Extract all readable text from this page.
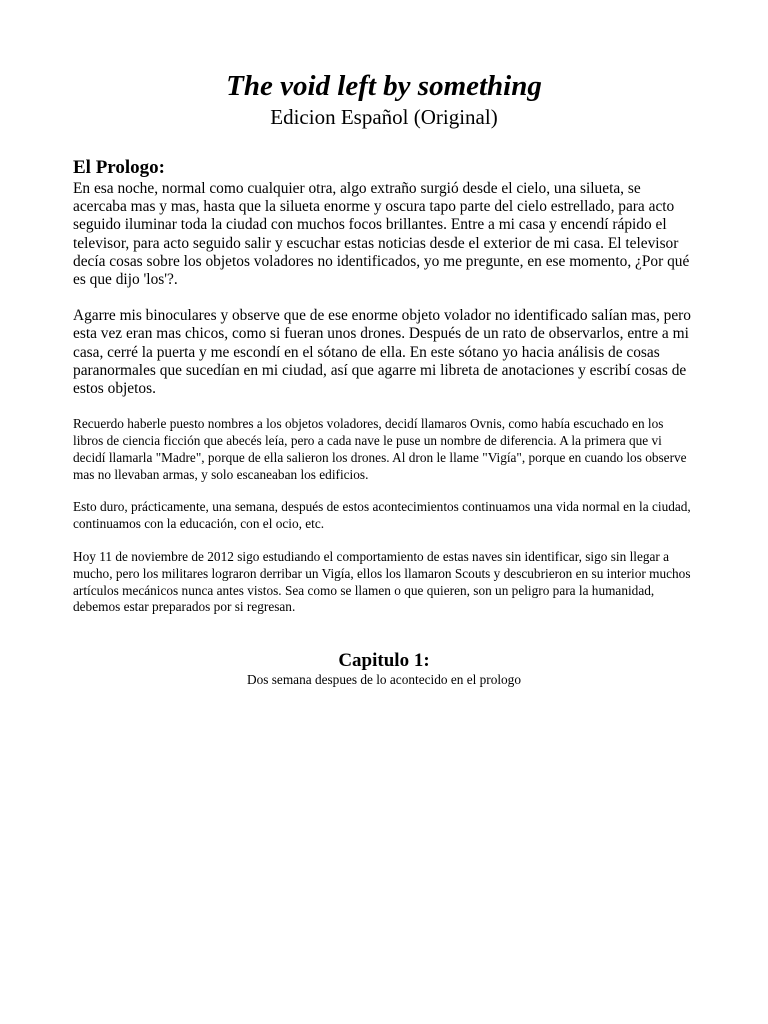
The void left by something

Edicion Español (Original)

El Prologo:

En esa noche, normal como cualquier otra, algo extraño surgió desde el cielo, una silueta, se acercaba mas y mas, hasta que la silueta enorme y oscura tapo parte del cielo estrellado, para acto seguido iluminar toda la ciudad con muchos focos brillantes. Entre a mi casa y encendí rápido el televisor, para acto seguido salir y escuchar estas noticias desde el exterior de mi casa. El televisor decía cosas sobre los objetos voladores no identificados, yo me pregunte, en ese momento, ¿Por qué es que dijo 'los'?.

Agarre mis binoculares y observe que de ese enorme objeto volador no identificado salían mas, pero esta vez eran mas chicos, como si fueran unos drones. Después de un rato de observarlos, entre a mi casa, cerré la puerta y me escondí en el sótano de ella. En este sótano yo hacia análisis de cosas paranormales que sucedían en mi ciudad, así que agarre mi libreta de anotaciones y escribí cosas de estos objetos.

Recuerdo haberle puesto nombres a los objetos voladores, decidí llamaros Ovnis, como había escuchado en los libros de ciencia ficción que abecés leía, pero a cada nave le puse un nombre de diferencia. A la primera que vi decidí llamarla "Madre", porque de ella salieron los drones. Al dron le llame "Vigía", porque en cuando los observe mas no llevaban armas, y solo escaneaban los edificios.

Esto duro, prácticamente, una semana, después de estos acontecimientos continuamos una vida normal en la ciudad, continuamos con la educación, con el ocio, etc.

Hoy 11 de noviembre de 2012 sigo estudiando el comportamiento de estas naves sin identificar, sigo sin llegar a mucho, pero los militares lograron derribar un Vigía, ellos los llamaron Scouts y descubrieron en su interior muchos artículos mecánicos nunca antes vistos. Sea como se llamen o que quieren, son un peligro para la humanidad, debemos estar preparados por si regresan.

Capitulo 1:

Dos semana despues de lo acontecido en el prologo
